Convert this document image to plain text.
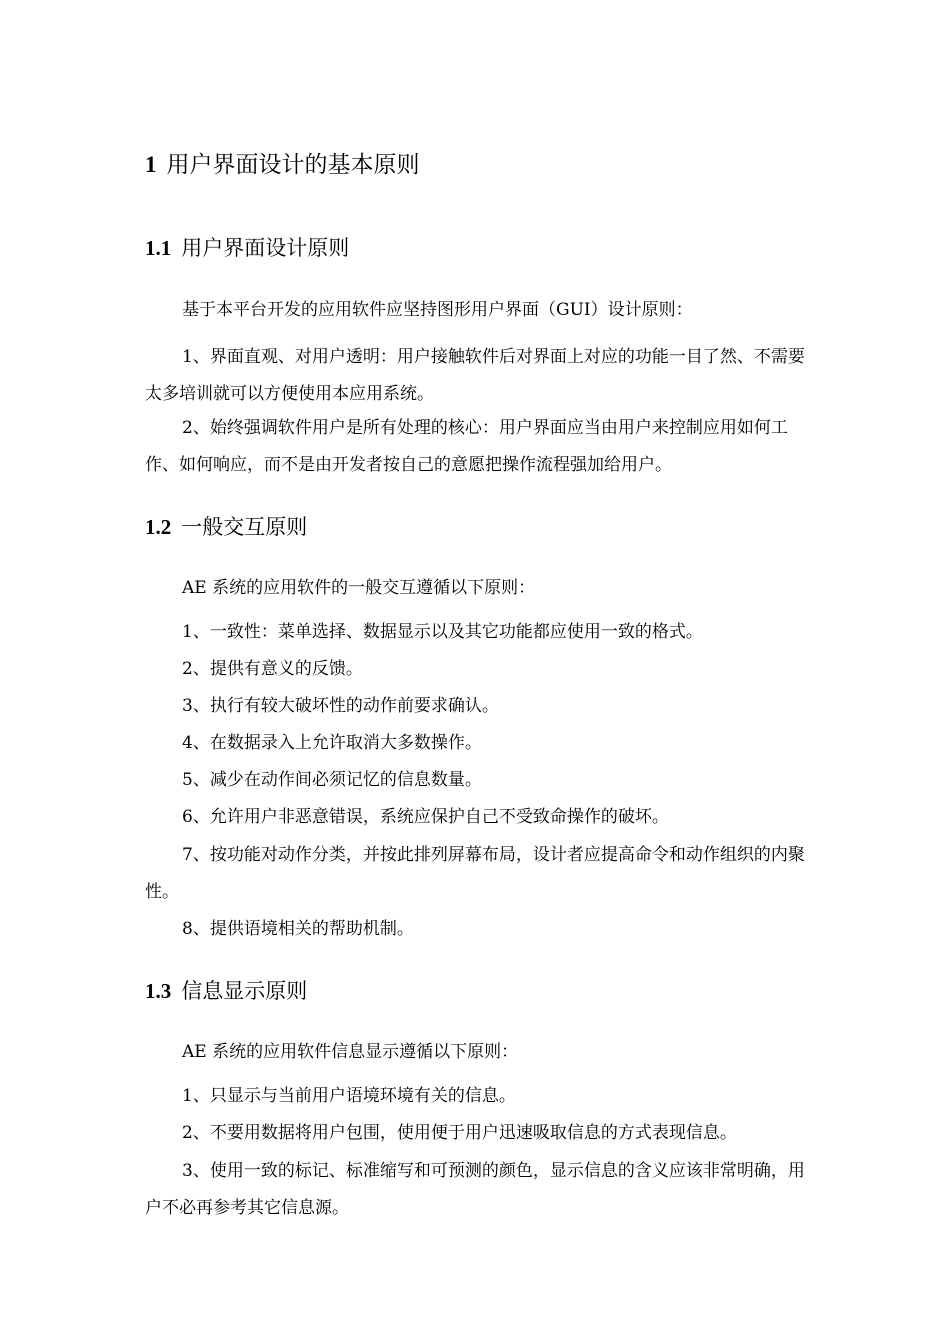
1 用户界面设计的基本原则
1.1 用户界面设计原则
基于本平台开发的应用软件应坚持图形用户界面（GUI）设计原则：
1、界面直观、对用户透明：用户接触软件后对界面上对应的功能一目了然、不需要太多培训就可以方便使用本应用系统。
2、始终强调软件用户是所有处理的核心：用户界面应当由用户来控制应用如何工作、如何响应，而不是由开发者按自己的意愿把操作流程强加给用户。
1.2 一般交互原则
AE 系统的应用软件的一般交互遵循以下原则：
1、一致性：菜单选择、数据显示以及其它功能都应使用一致的格式。
2、提供有意义的反馈。
3、执行有较大破坏性的动作前要求确认。
4、在数据录入上允许取消大多数操作。
5、减少在动作间必须记忆的信息数量。
6、允许用户非恶意错误，系统应保护自己不受致命操作的破坏。
7、按功能对动作分类，并按此排列屏幕布局，设计者应提高命令和动作组织的内聚性。
8、提供语境相关的帮助机制。
1.3 信息显示原则
AE 系统的应用软件信息显示遵循以下原则：
1、只显示与当前用户语境环境有关的信息。
2、不要用数据将用户包围，使用便于用户迅速吸取信息的方式表现信息。
3、使用一致的标记、标准缩写和可预测的颜色，显示信息的含义应该非常明确，用户不必再参考其它信息源。
